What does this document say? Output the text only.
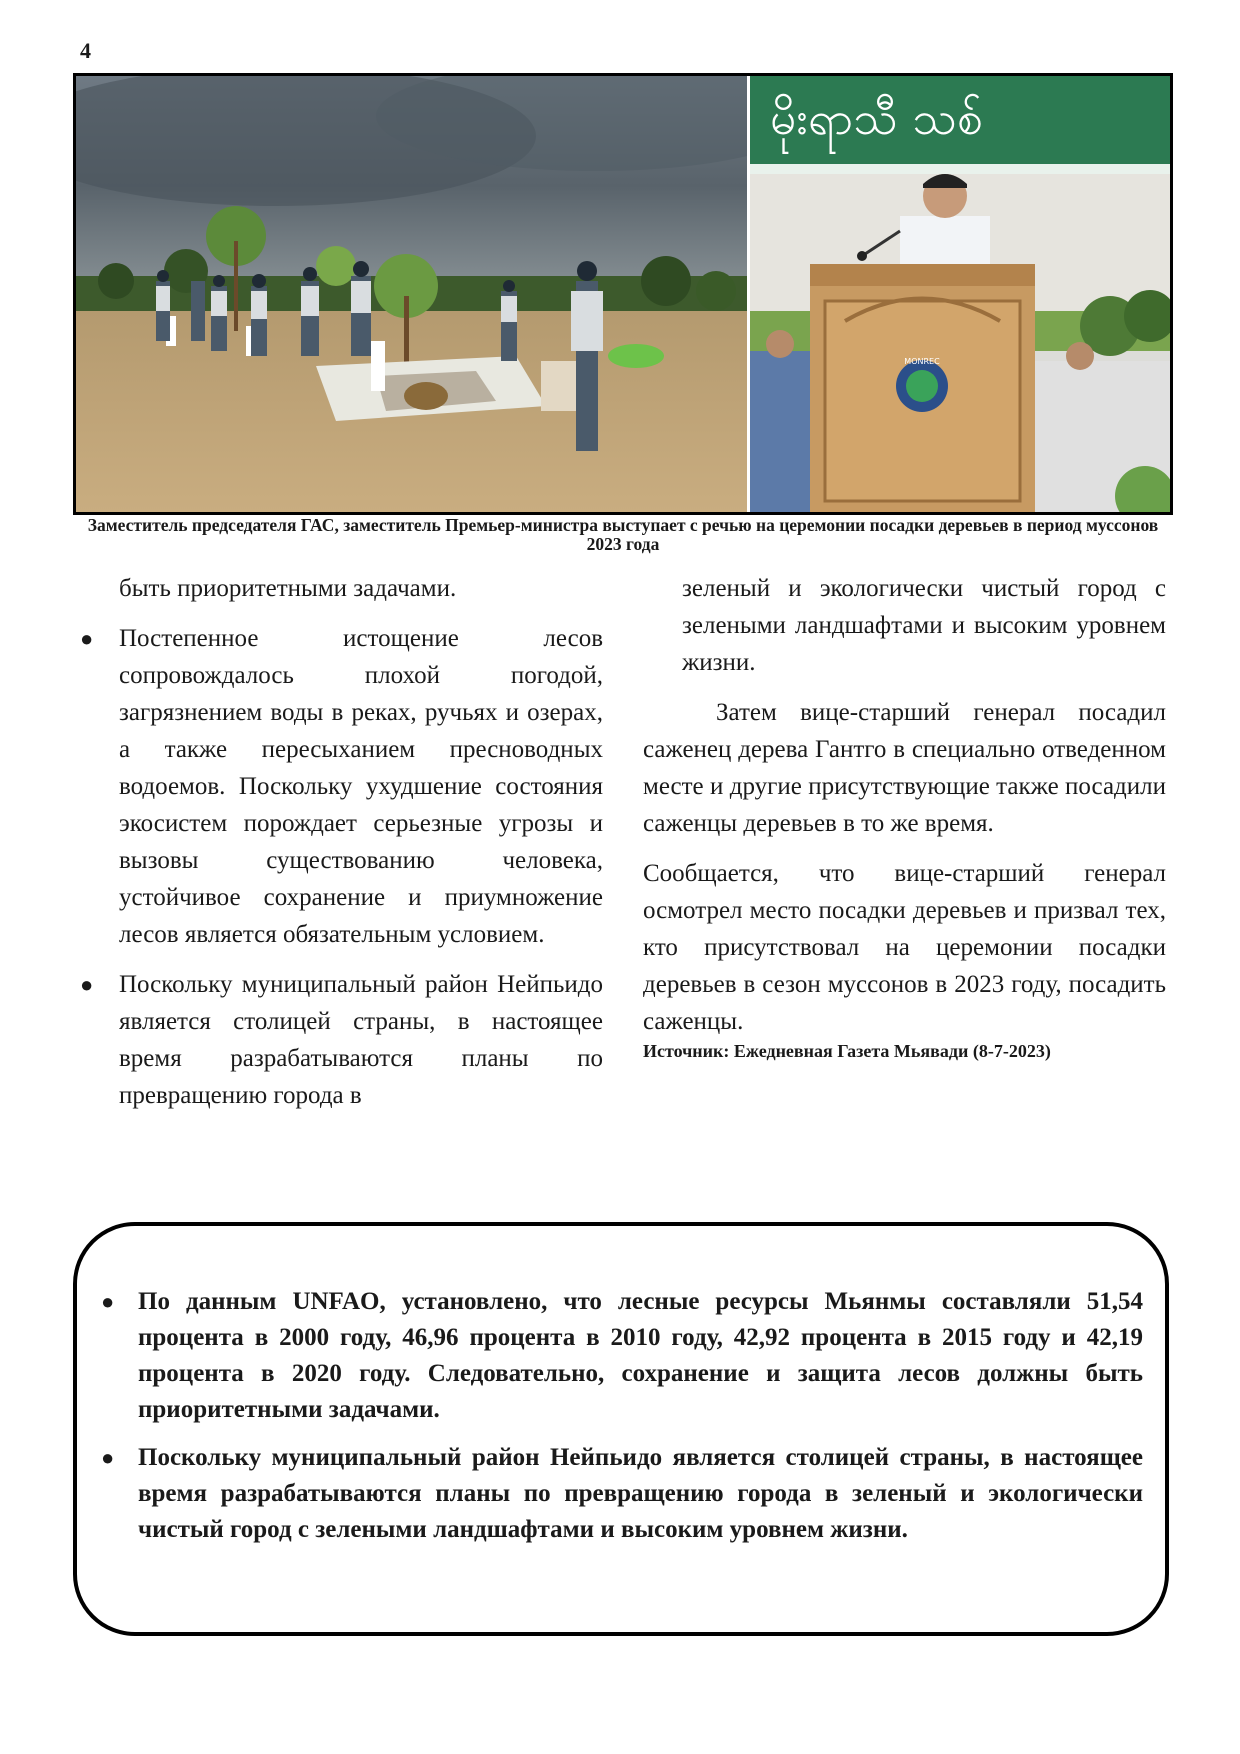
4
မိုးရာသီ သစ်
MONREC
Заместитель председателя ГАС, заместитель Премьер-министра выступает с речью на церемонии посадки деревьев в период муссонов 2023 года

быть приоритетными задачами.

● Постепенное истощение лесов сопровождалось плохой погодой, загрязнением воды в реках, ручьях и озерах, а также пересыханием пресноводных водоемов. Поскольку ухудшение состояния экосистем порождает серьезные угрозы и вызовы существованию человека, устойчивое сохранение и приумножение лесов является обязательным условием.
● Поскольку муниципальный район Нейпьидо является столицей страны, в настоящее время разрабатываются планы по превращению города в

зеленый и экологически чистый город с зелеными ландшафтами и высоким уровнем жизни.

Затем вице-старший генерал посадил саженец дерева Гантго в специально отведенном месте и другие присутствующие также посадили саженцы деревьев в то же время.

Сообщается, что вице-старший генерал осмотрел место посадки деревьев и призвал тех, кто присутствовал на церемонии посадки деревьев в сезон муссонов в 2023 году, посадить саженцы.

Источник: Ежедневная Газета Мьявади (8-7-2023)

● По данным UNFAO, установлено, что лесные ресурсы Мьянмы составляли 51,54 процента в 2000 году, 46,96 процента в 2010 году, 42,92 процента в 2015 году и 42,19 процента в 2020 году. Следовательно, сохранение и защита лесов должны быть приоритетными задачами.
● Поскольку муниципальный район Нейпьидо является столицей страны, в настоящее время разрабатываются планы по превращению города в зеленый и экологически чистый город с зелеными ландшафтами и высоким уровнем жизни.
